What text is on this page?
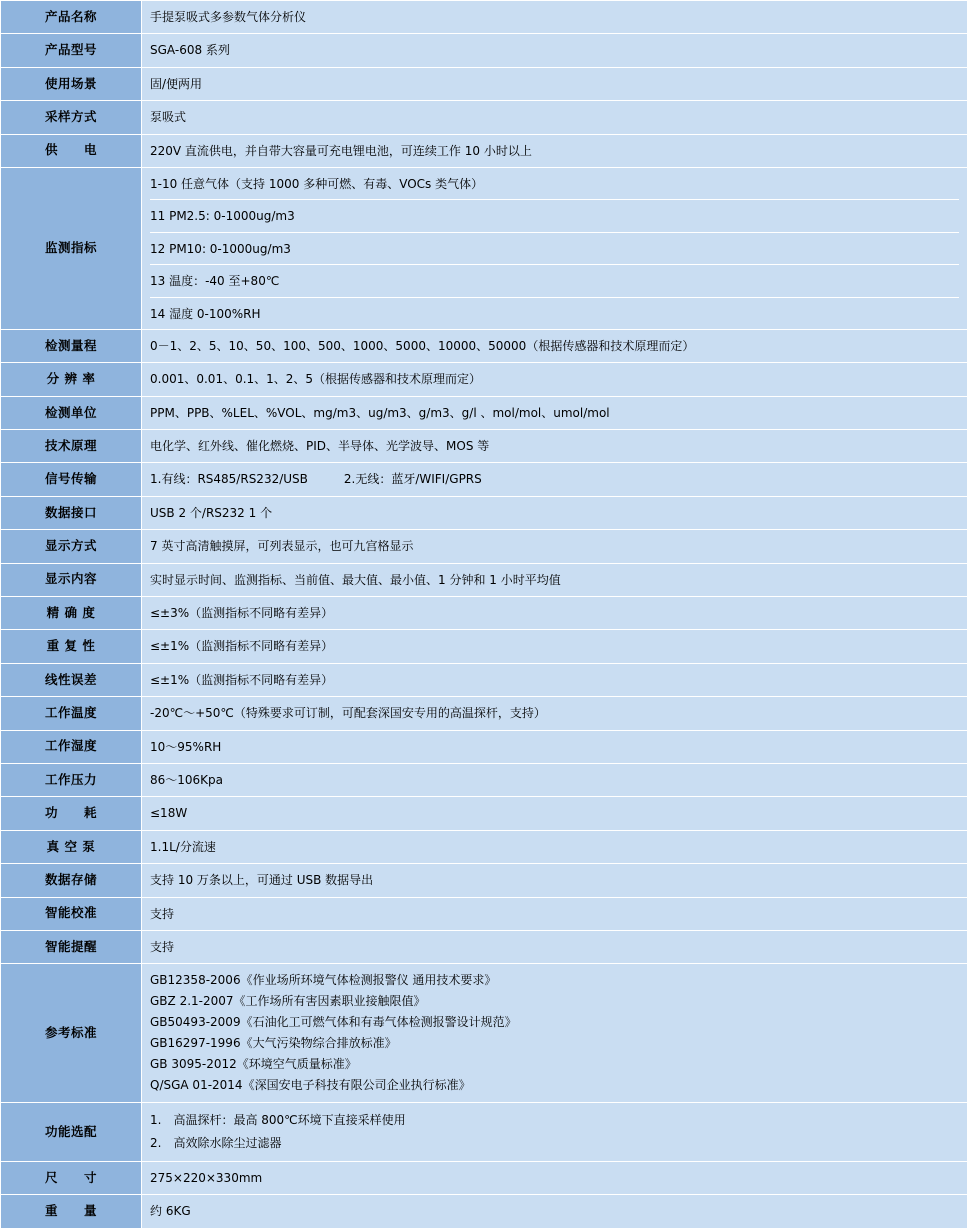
产品名称	手提泵吸式多参数气体分析仪
产品型号	SGA-608 系列
使用场景	固/便两用
采样方式	泵吸式
供　　电	220V 直流供电，并自带大容量可充电锂电池，可连续工作 10 小时以上
监测指标	1-10 任意气体（支持 1000 多种可燃、有毒、VOCs 类气体）
11 PM2.5: 0-1000ug/m3
12 PM10: 0-1000ug/m3
13 温度：-40 至+80℃
14 湿度 0-100%RH

检测量程	0－1、2、5、10、50、100、500、1000、5000、10000、50000（根据传感器和技术原理而定）
分 辨 率	0.001、0.01、0.1、1、2、5（根据传感器和技术原理而定）
检测单位	PPM、PPB、%LEL、%VOL、mg/m3、ug/m3、g/m3、g/l 、mol/mol、umol/mol
技术原理	电化学、红外线、催化燃烧、PID、半导体、光学波导、MOS 等
信号传输	1.有线：RS485/RS232/USB　　　2.无线：蓝牙/WIFI/GPRS
数据接口	USB 2 个/RS232 1 个
显示方式	7 英寸高清触摸屏，可列表显示，也可九宫格显示
显示内容	实时显示时间、监测指标、当前值、最大值、最小值、1 分钟和 1 小时平均值
精 确 度	≤±3%（监测指标不同略有差异）
重 复 性	≤±1%（监测指标不同略有差异）
线性误差	≤±1%（监测指标不同略有差异）
工作温度	-20℃～+50℃（特殊要求可订制，可配套深国安专用的高温探杆，支持）
工作湿度	10～95%RH
工作压力	86～106Kpa
功　　耗	≤18W
真 空 泵	1.1L/分流速
数据存储	支持 10 万条以上，可通过 USB 数据导出
智能校准	支持
智能提醒	支持
参考标准	
GB12358-2006《作业场所环境气体检测报警仪 通用技术要求》
GBZ 2.1-2007《工作场所有害因素职业接触限值》
GB50493-2009《石油化工可燃气体和有毒气体检测报警设计规范》
GB16297-1996《大气污染物综合排放标准》
GB 3095-2012《环境空气质量标准》
Q/SGA 01-2014《深国安电子科技有限公司企业执行标准》

功能选配	1.　高温探杆：最高 800℃环境下直接采样使用
2.　高效除水除尘过滤器

尺　　寸	275×220×330mm
重　　量	约 6KG
